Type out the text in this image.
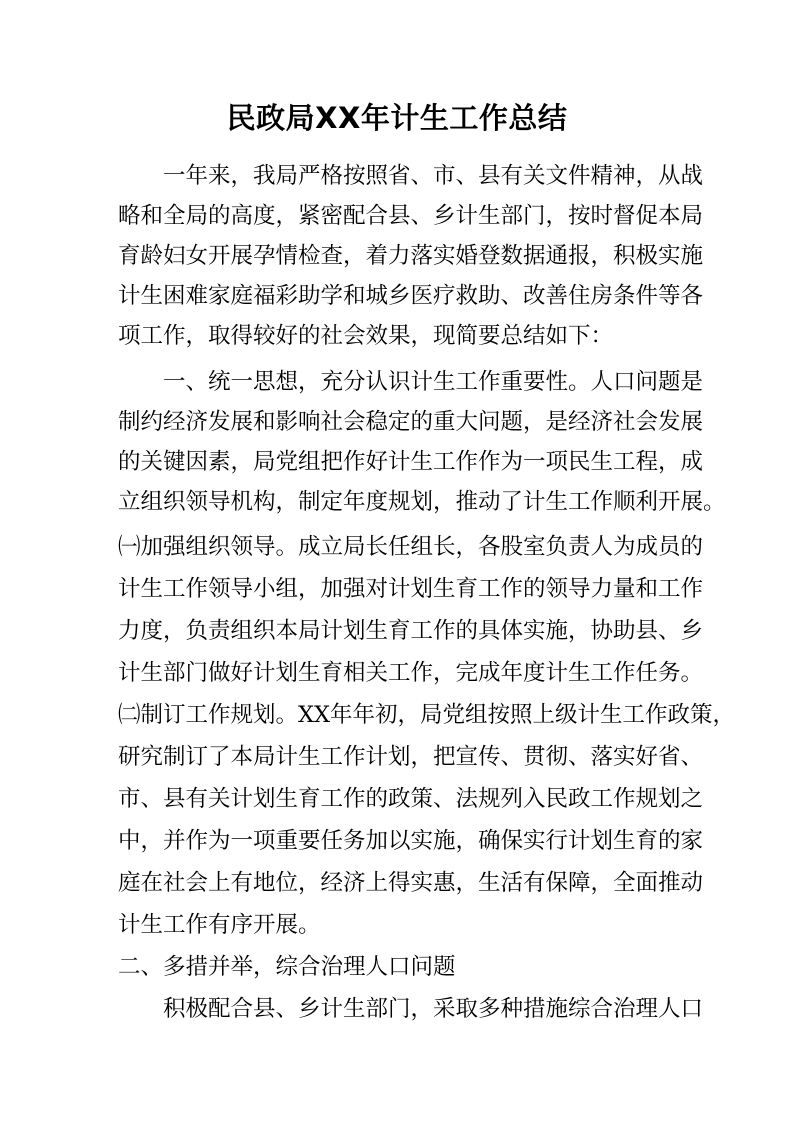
民政局XX年计生工作总结
一年来，我局严格按照省、市、县有关文件精神，从战
略和全局的高度，紧密配合县、乡计生部门，按时督促本局
育龄妇女开展孕情检查，着力落实婚登数据通报，积极实施
计生困难家庭福彩助学和城乡医疗救助、改善住房条件等各
项工作，取得较好的社会效果，现简要总结如下：
一、统一思想，充分认识计生工作重要性。人口问题是
制约经济发展和影响社会稳定的重大问题，是经济社会发展
的关键因素，局党组把作好计生工作作为一项民生工程，成
立组织领导机构，制定年度规划，推动了计生工作顺利开展。
㈠加强组织领导。成立局长任组长，各股室负责人为成员的
计生工作领导小组，加强对计划生育工作的领导力量和工作
力度，负责组织本局计划生育工作的具体实施，协助县、乡
计生部门做好计划生育相关工作，完成年度计生工作任务。
㈡制订工作规划。XX年年初，局党组按照上级计生工作政策，
研究制订了本局计生工作计划，把宣传、贯彻、落实好省、
市、县有关计划生育工作的政策、法规列入民政工作规划之
中，并作为一项重要任务加以实施，确保实行计划生育的家
庭在社会上有地位，经济上得实惠，生活有保障，全面推动
计生工作有序开展。
二、多措并举，综合治理人口问题
积极配合县、乡计生部门，采取多种措施综合治理人口
